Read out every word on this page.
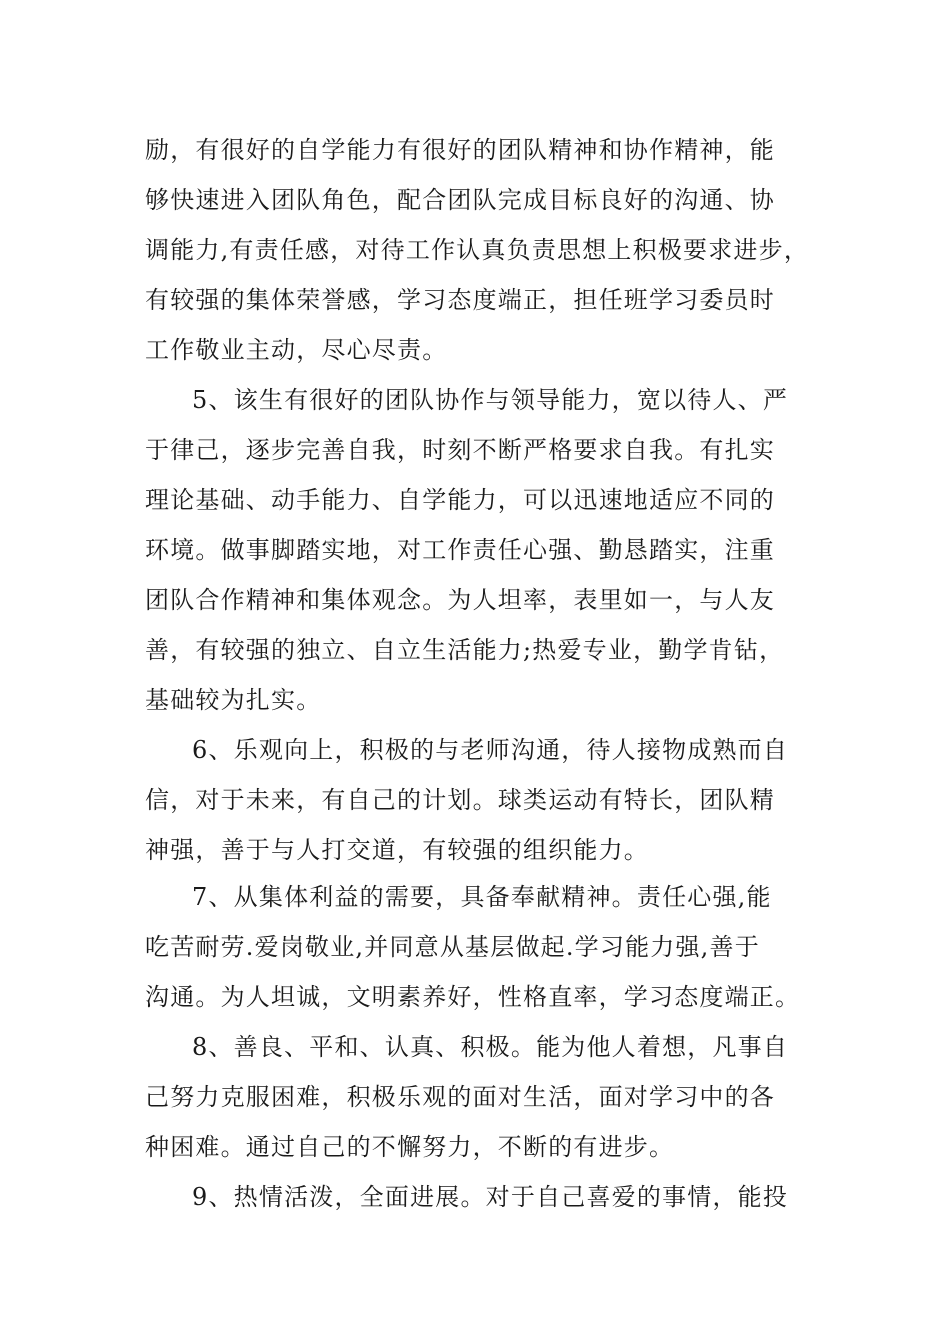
励，有很好的自学能力有很好的团队精神和协作精神，能
够快速进入团队角色，配合团队完成目标良好的沟通、协
调能力,有责任感，对待工作认真负责思想上积极要求进步，
有较强的集体荣誉感，学习态度端正，担任班学习委员时
工作敬业主动，尽心尽责。
5、该生有很好的团队协作与领导能力，宽以待人、严
于律己，逐步完善自我，时刻不断严格要求自我。有扎实
理论基础、动手能力、自学能力，可以迅速地适应不同的
环境。做事脚踏实地，对工作责任心强、勤恳踏实，注重
团队合作精神和集体观念。为人坦率，表里如一，与人友
善，有较强的独立、自立生活能力;热爱专业，勤学肯钻，
基础较为扎实。
6、乐观向上，积极的与老师沟通，待人接物成熟而自
信，对于未来，有自己的计划。球类运动有特长，团队精
神强，善于与人打交道，有较强的组织能力。
7、从集体利益的需要，具备奉献精神。责任心强,能
吃苦耐劳.爱岗敬业,并同意从基层做起.学习能力强,善于
沟通。为人坦诚，文明素养好，性格直率，学习态度端正。
8、善良、平和、认真、积极。能为他人着想，凡事自
己努力克服困难，积极乐观的面对生活，面对学习中的各
种困难。通过自己的不懈努力，不断的有进步。
9、热情活泼，全面进展。对于自己喜爱的事情，能投
